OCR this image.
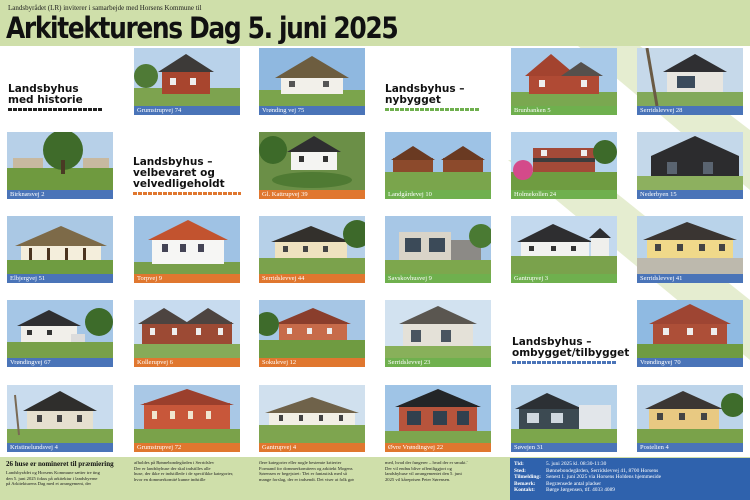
Landsbyrådet (LR) inviterer i samarbejde med Horsens Kommune til
Arkitekturens Dag 5. juni 2025
Landsbyhus
med historie
Landsbyhus –
velbevaret og
velvedligeholdt
Landsbyhus –
nybygget
Landsbyhus –
ombygget/tilbygget
Grumstrupvej 74	Vrønding vej 75	Brunbanken 5	Serridslevvej 28
Birknæsvej 2	Gl. Kattrupvej 39	Landgårdevej 10	Holmekollen 24	Nederbyen 15
Elbjergvej 51	Torpvej 9	Serridslevvej 44	Savskovhusvej 9	Gantrupvej 3	Serridslevvej 41
Vrøndingvej 67	Kollerupvej 6	Sokulevej 12	Serridslevvej 23	Vrøndingvej 70
Kristinelundsvej 4	Grumstrupvej 72	Gantrupvej 4	Øvre Vrøndingvej 22	Søvejen 31	Postelien 4
26 huse er nomineret til præmiering
Landsbyrådet og Horsens Kommune sætter tre ting
den 5. juni 2025 fokus på arkitektur i landsbyerne
på Arkitekturens Dag med et arrangement, der
afholdes på Bønnebondegården i Serridslev
Der er landsbyhuse der skal indstilles alle
huse, der ikke er indstillede i de specifikke kategorier,
hvor en dommerkomité kunne indstille
flere kategorier eller nogle bestemte kriterier
Formand for dommerkomiteen og arkitekt Mogens
Sørensen er begejstret: 'Det er fantastisk med så
mange forslag, der er indsendt. Det viser at folk gør
med, hvad der fungerer – hvad der er smukt.'
Der vil endnu blive offentliggjort og
landsbyhuse vil arrangementet den 5. juni
2025 vil kåreprisen Peter Sørensen.
Tid:	5. juni 2025 kl. 08:30-11:30
Sted:	Bønnebondegården, Serridslevvej 41, 8700 Horsens
Tilmelding: Senest 1. juni 2025 via Horsens Holdens hjemmeside
Bemærk:	Begrænsede antal pladser
Kontakt:	Børge Jørgensen, tlf. 4033 4089
